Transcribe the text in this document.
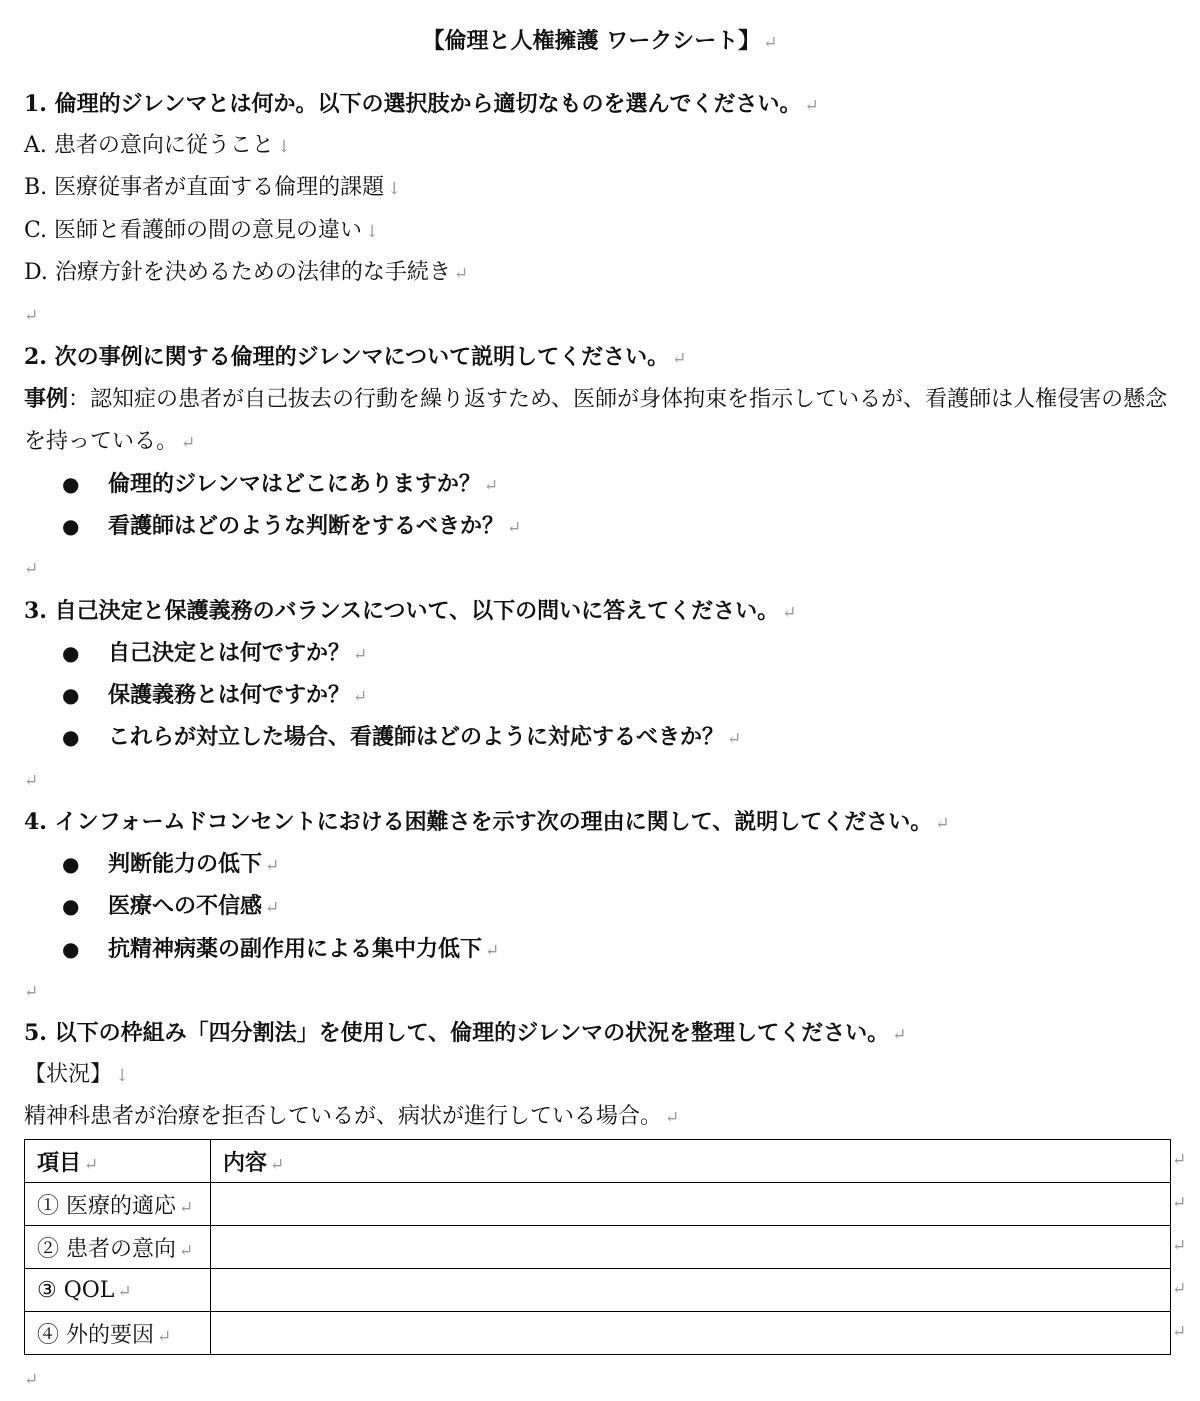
【倫理と人権擁護 ワークシート】 ↵
1. 倫理的ジレンマとは何か。以下の選択肢から適切なものを選んでください。 ↵
A. 患者の意向に従うこと ↓
B. 医療従事者が直面する倫理的課題 ↓
C. 医師と看護師の間の意見の違い ↓
D. 治療方針を決めるための法律的な手続き ↵
↵
2. 次の事例に関する倫理的ジレンマについて説明してください。 ↵
事例：認知症の患者が自己抜去の行動を繰り返すため、医師が身体拘束を指示しているが、看護師は人権侵害の懸念を持っている。 ↵
● 倫理的ジレンマはどこにありますか？ ↵
● 看護師はどのような判断をするべきか？ ↵
↵
3. 自己決定と保護義務のバランスについて、以下の問いに答えてください。 ↵
● 自己決定とは何ですか？ ↵
● 保護義務とは何ですか？ ↵
● これらが対立した場合、看護師はどのように対応するべきか？ ↵
↵
4. インフォームドコンセントにおける困難さを示す次の理由に関して、説明してください。 ↵
● 判断能力の低下 ↵
● 医療への不信感 ↵
● 抗精神病薬の副作用による集中力低下 ↵
↵
5. 以下の枠組み「四分割法」を使用して、倫理的ジレンマの状況を整理してください。 ↵
【状況】 ↓
精神科患者が治療を拒否しているが、病状が進行している場合。 ↵
項目 ↵	内容 ↵
① 医療的適応 ↵	
② 患者の意向 ↵	
③ QOL ↵	
④ 外的要因 ↵	
↵
↵
↵
↵
↵
↵
